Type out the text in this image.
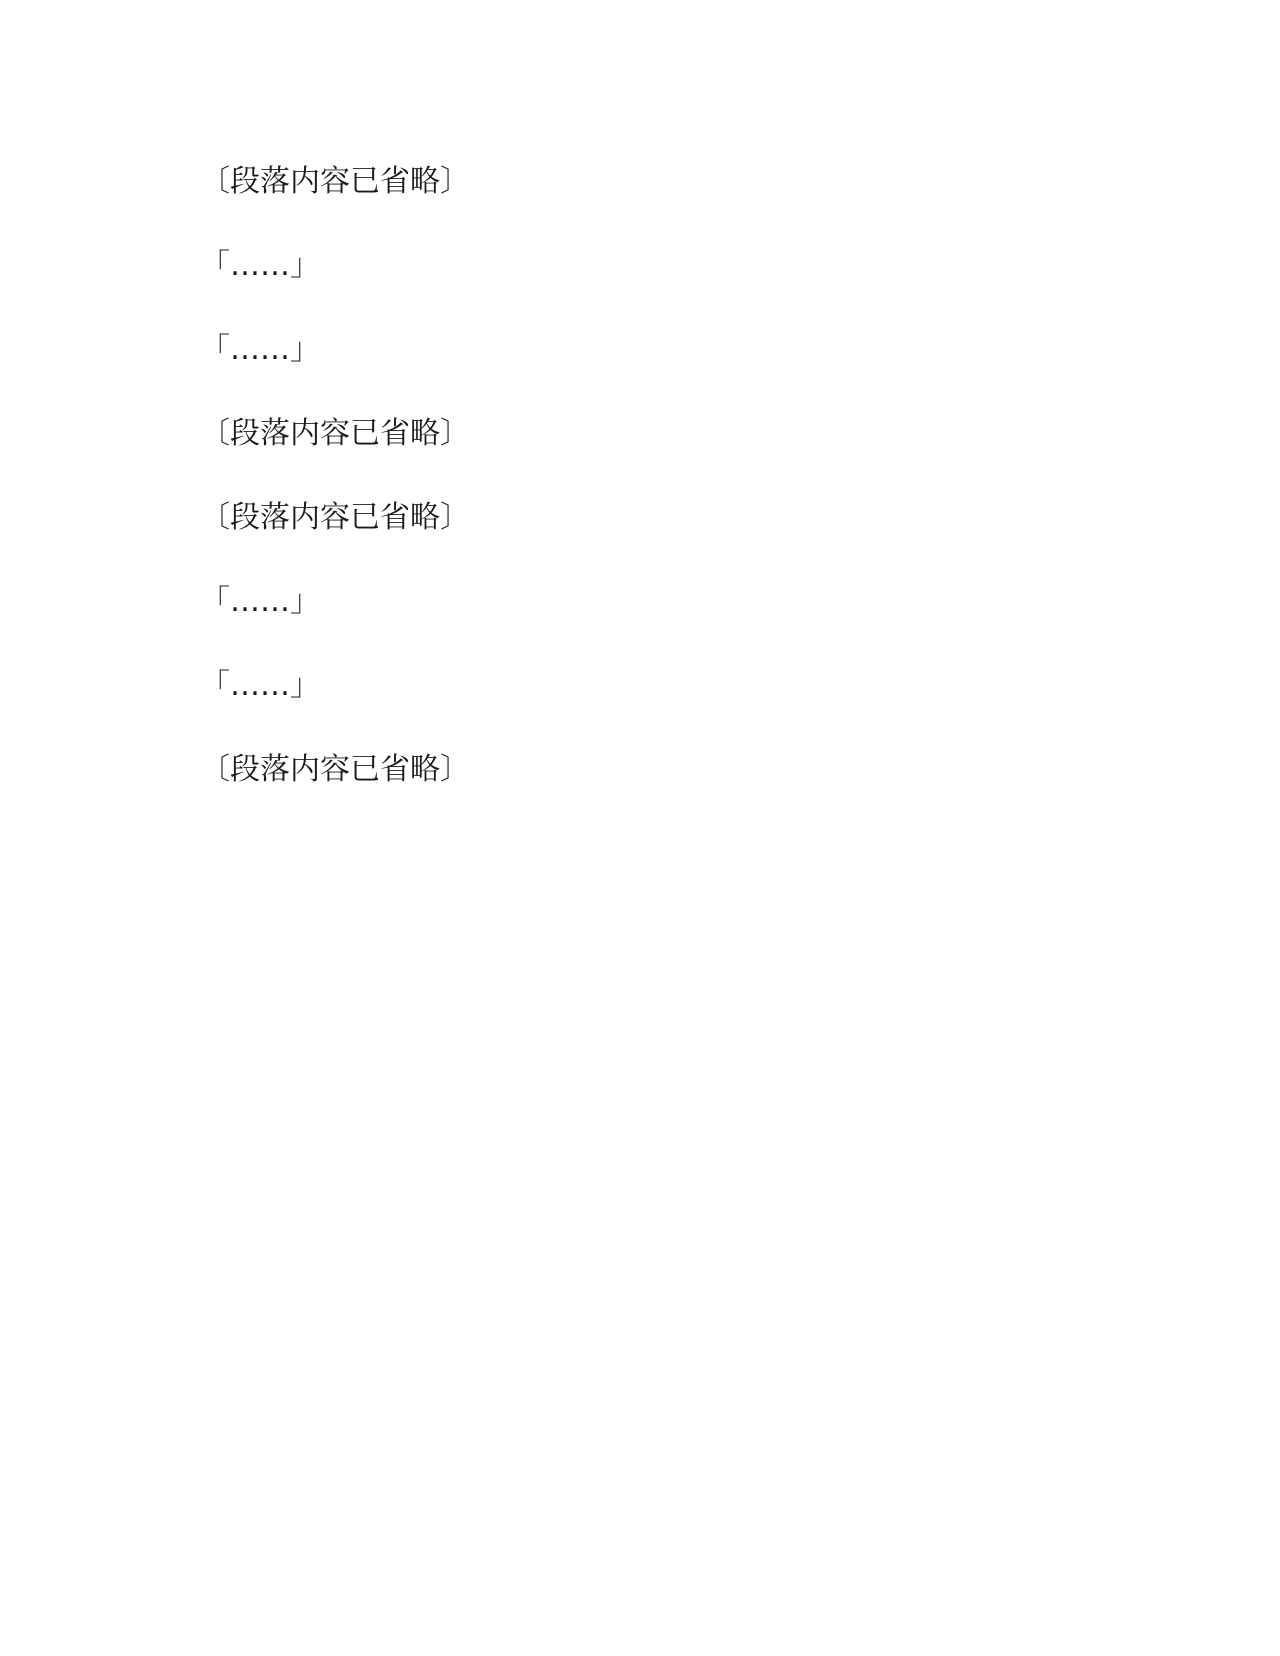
〔段落内容已省略〕

「……」

「……」

〔段落内容已省略〕

〔段落内容已省略〕

「……」

「……」

〔段落内容已省略〕
